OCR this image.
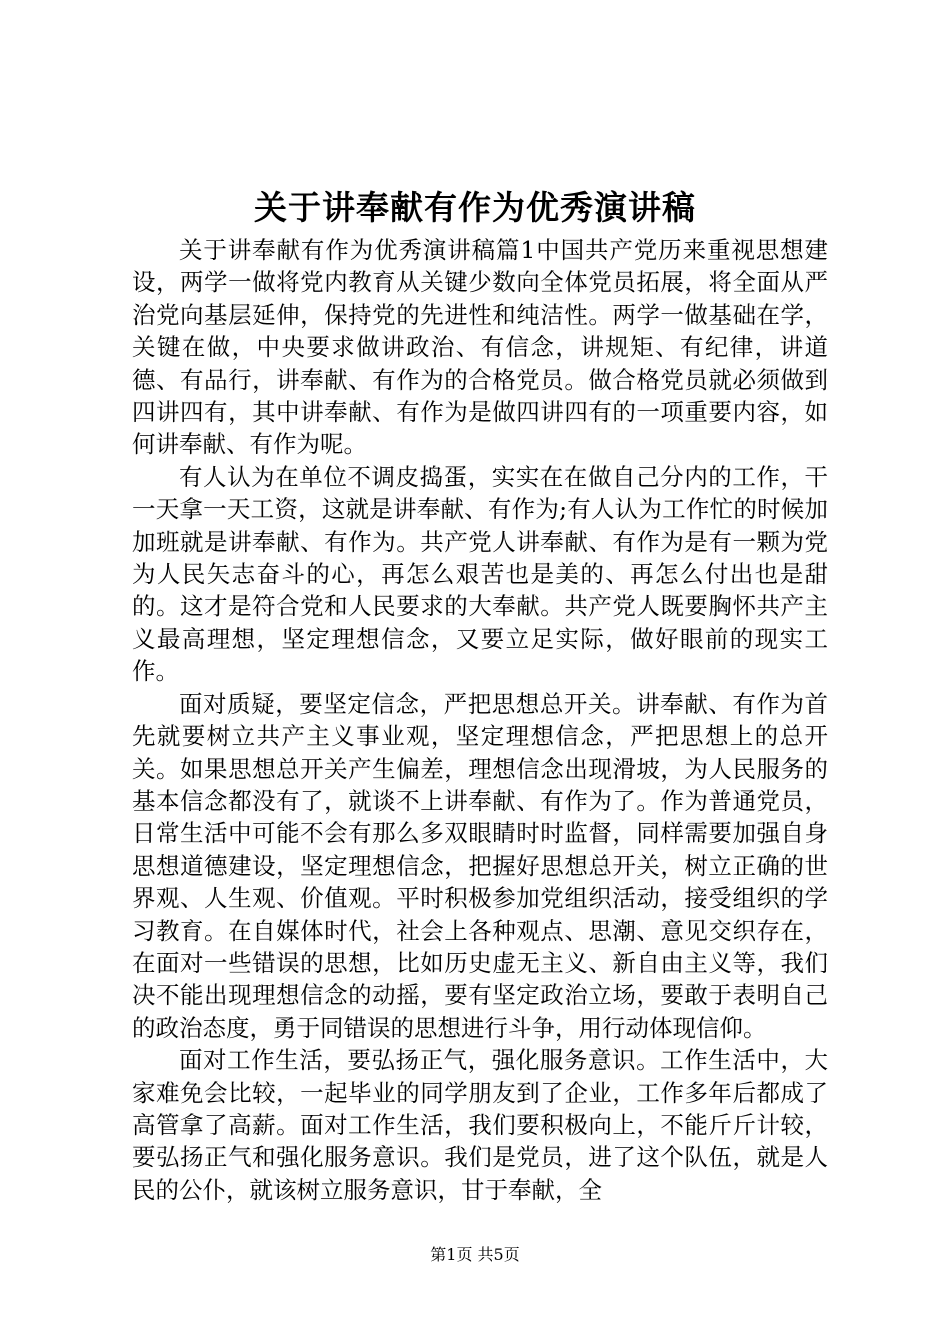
关于讲奉献有作为优秀演讲稿

关于讲奉献有作为优秀演讲稿篇1中国共产党历来重视思想建设，两学一做将党内教育从关键少数向全体党员拓展，将全面从严治党向基层延伸，保持党的先进性和纯洁性。两学一做基础在学，关键在做，中央要求做讲政治、有信念，讲规矩、有纪律，讲道德、有品行，讲奉献、有作为的合格党员。做合格党员就必须做到四讲四有，其中讲奉献、有作为是做四讲四有的一项重要内容，如何讲奉献、有作为呢。

有人认为在单位不调皮捣蛋，实实在在做自己分内的工作，干一天拿一天工资，这就是讲奉献、有作为;有人认为工作忙的时候加加班就是讲奉献、有作为。共产党人讲奉献、有作为是有一颗为党为人民矢志奋斗的心，再怎么艰苦也是美的、再怎么付出也是甜的。这才是符合党和人民要求的大奉献。共产党人既要胸怀共产主义最高理想，坚定理想信念，又要立足实际，做好眼前的现实工作。

面对质疑，要坚定信念，严把思想总开关。讲奉献、有作为首先就要树立共产主义事业观，坚定理想信念，严把思想上的总开关。如果思想总开关产生偏差，理想信念出现滑坡，为人民服务的基本信念都没有了，就谈不上讲奉献、有作为了。作为普通党员，日常生活中可能不会有那么多双眼睛时时监督，同样需要加强自身思想道德建设，坚定理想信念，把握好思想总开关，树立正确的世界观、人生观、价值观。平时积极参加党组织活动，接受组织的学习教育。在自媒体时代，社会上各种观点、思潮、意见交织存在，在面对一些错误的思想，比如历史虚无主义、新自由主义等，我们决不能出现理想信念的动摇，要有坚定政治立场，要敢于表明自己的政治态度，勇于同错误的思想进行斗争，用行动体现信仰。

面对工作生活，要弘扬正气，强化服务意识。工作生活中，大家难免会比较，一起毕业的同学朋友到了企业，工作多年后都成了高管拿了高薪。面对工作生活，我们要积极向上，不能斤斤计较，要弘扬正气和强化服务意识。我们是党员，进了这个队伍，就是人民的公仆，就该树立服务意识，甘于奉献，全

第1页 共5页
